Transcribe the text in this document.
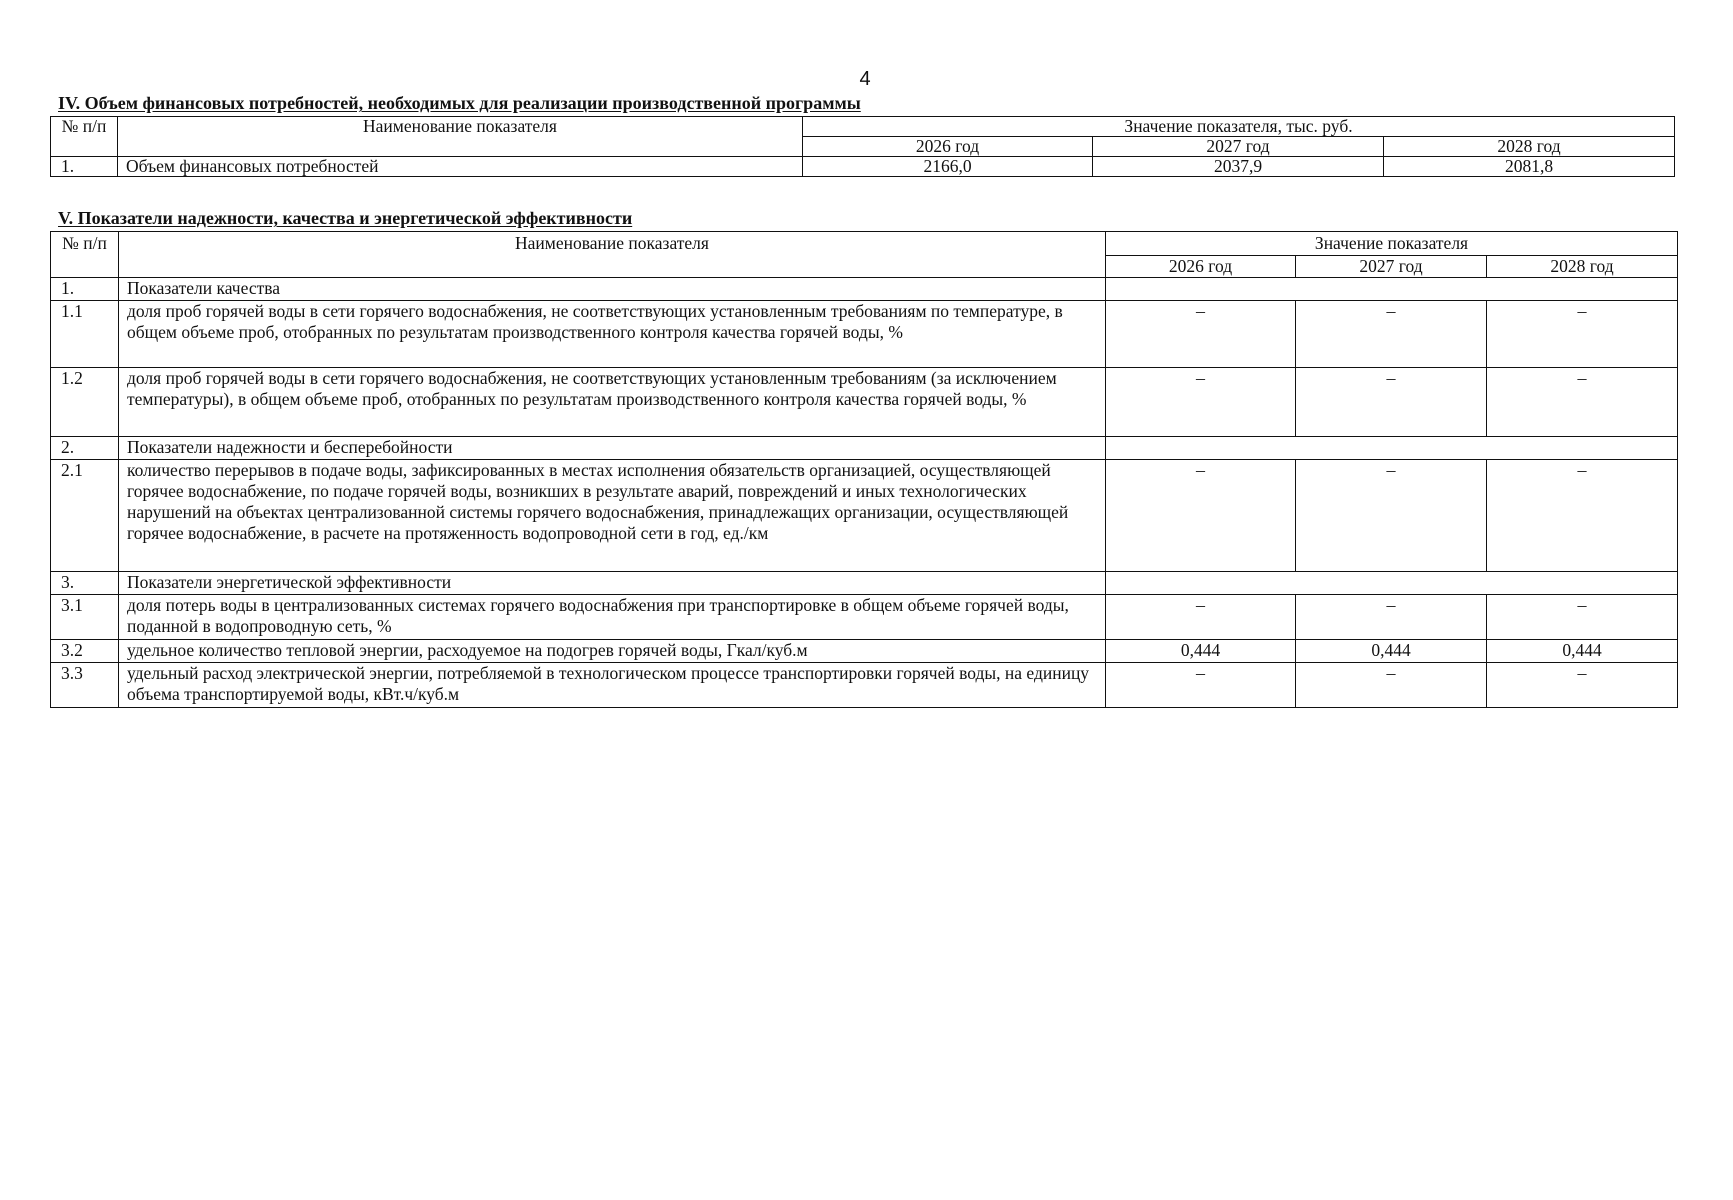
4
IV. Объем финансовых потребностей, необходимых для реализации производственной программы
№ п/п	Наименование показателя	Значение показателя, тыс. руб.		
		2026 год	2027 год	2028 год
1.	Объем финансовых потребностей	2166,0	2037,9	2081,8
V. Показатели надежности, качества и энергетической эффективности
№ п/п	Наименование показателя	Значение показателя		
		2026 год	2027 год	2028 год
1.	Показатели качества			
1.1	доля проб горячей воды в сети горячего водоснабжения, не соответствующих установленным требованиям по температуре, в общем объеме проб, отобранных по результатам производственного контроля качества горячей воды, %	–	–	–
1.2	доля проб горячей воды в сети горячего водоснабжения, не соответствующих установленным требованиям (за исключением температуры), в общем объеме проб, отобранных по результатам производственного контроля качества горячей воды, %	–	–	–
2.	Показатели надежности и бесперебойности			
2.1	количество перерывов в подаче воды, зафиксированных в местах исполнения обязательств организацией, осуществляющей горячее водоснабжение, по подаче горячей воды, возникших в результате аварий, повреждений и иных технологических нарушений на объектах централизованной системы горячего водоснабжения, принадлежащих организации, осуществляющей горячее водоснабжение, в расчете на протяженность водопроводной сети в год, ед./км	–	–	–
3.	Показатели энергетической эффективности			
3.1	доля потерь воды в централизованных системах горячего водоснабжения при транспортировке в общем объеме горячей воды, поданной в водопроводную сеть, %	–	–	–
3.2	удельное количество тепловой энергии, расходуемое на подогрев горячей воды, Гкал/куб.м	0,444	0,444	0,444
3.3	удельный расход электрической энергии, потребляемой в технологическом процессе транспортировки горячей воды, на единицу объема транспортируемой воды, кВт.ч/куб.м	–	–	–
